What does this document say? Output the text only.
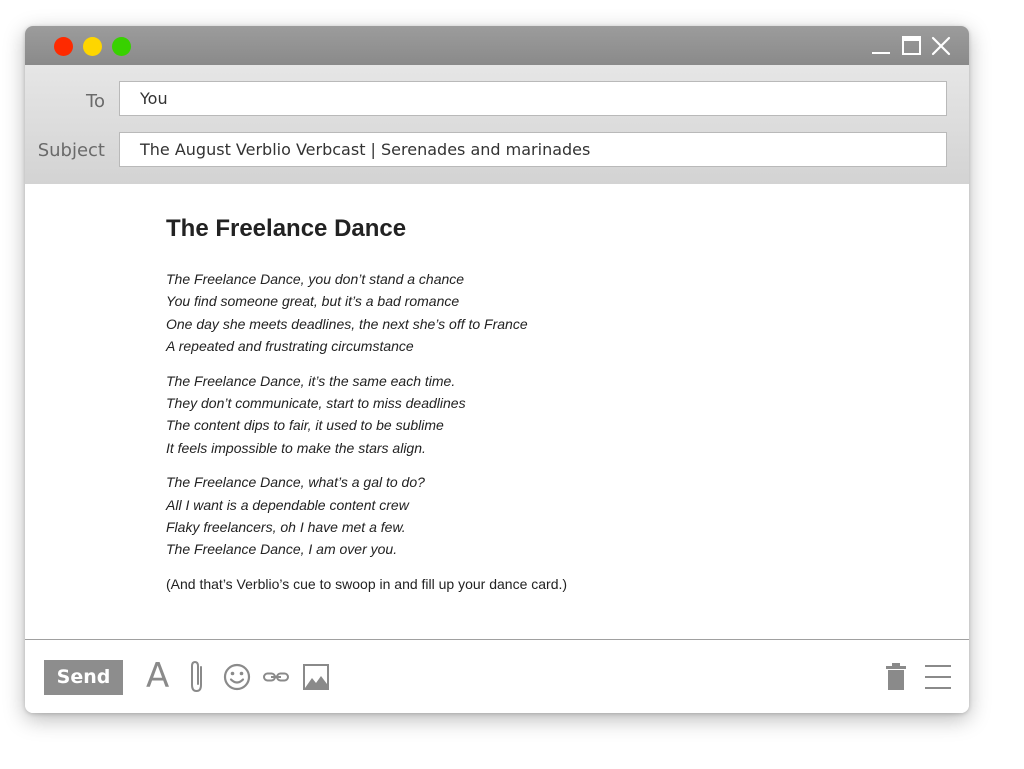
To	You
Subject	The August Verblio Verbcast | Serenades and marinades
The Freelance Dance
The Freelance Dance, you don’t stand a chance
You find someone great, but it’s a bad romance
One day she meets deadlines, the next she’s off to France
A repeated and frustrating circumstance
The Freelance Dance, it’s the same each time.
They don’t communicate, start to miss deadlines
The content dips to fair, it used to be sublime
It feels impossible to make the stars align.
The Freelance Dance, what’s a gal to do?
All I want is a dependable content crew
Flaky freelancers, oh I have met a few.
The Freelance Dance, I am over you.
(And that’s Verblio’s cue to swoop in and fill up your dance card.)
Send	A
